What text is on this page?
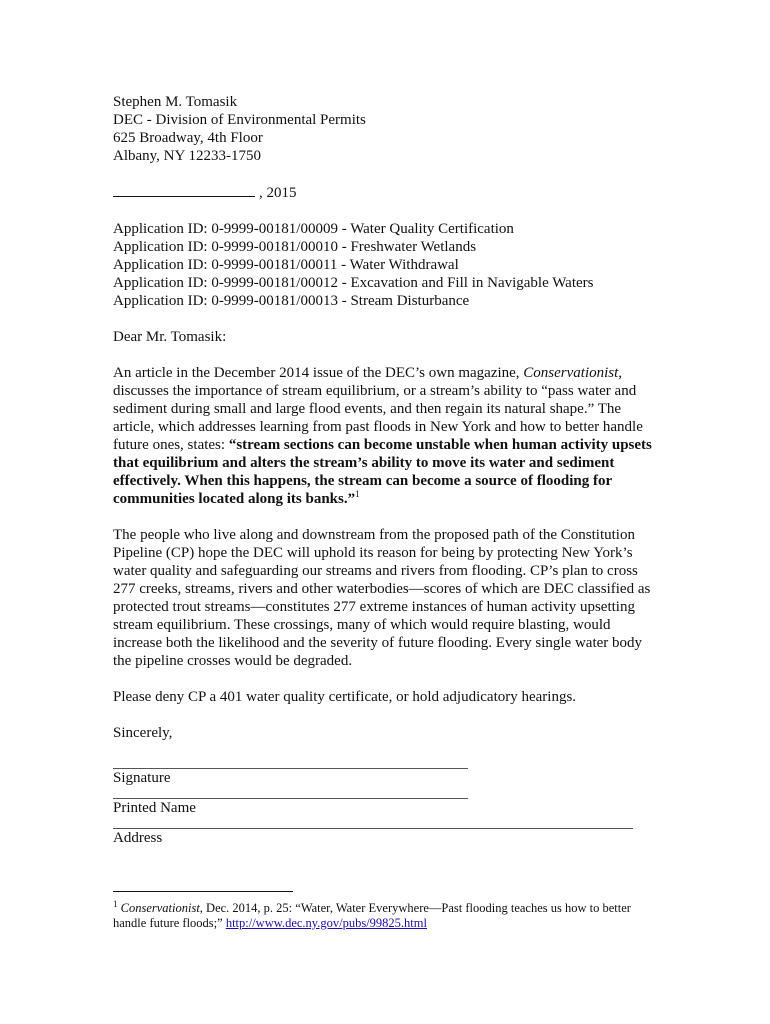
Stephen M. Tomasik
DEC - Division of Environmental Permits
625 Broadway, 4th Floor
Albany, NY 12233-1750
, 2015
Application ID: 0-9999-00181/00009 - Water Quality Certification
Application ID: 0-9999-00181/00010 - Freshwater Wetlands
Application ID: 0-9999-00181/00011 - Water Withdrawal
Application ID: 0-9999-00181/00012 - Excavation and Fill in Navigable Waters
Application ID: 0-9999-00181/00013 - Stream Disturbance

Dear Mr. Tomasik:

An article in the December 2014 issue of the DEC’s own magazine, Conservationist, discusses the importance of stream equilibrium, or a stream’s ability to “pass water and sediment during small and large flood events, and then regain its natural shape.” The article, which addresses learning from past floods in New York and how to better handle future ones, states: “stream sections can become unstable when human activity upsets that equilibrium and alters the stream’s ability to move its water and sediment effectively. When this happens, the stream can become a source of flooding for communities located along its banks.”$^1$

The people who live along and downstream from the proposed path of the Constitution Pipeline (CP) hope the DEC will uphold its reason for being by protecting New York’s water quality and safeguarding our streams and rivers from flooding. CP’s plan to cross 277 creeks, streams, rivers and other waterbodies—scores of which are DEC classified as protected trout streams—constitutes 277 extreme instances of human activity upsetting stream equilibrium. These crossings, many of which would require blasting, would increase both the likelihood and the severity of future flooding. Every single water body the pipeline crosses would be degraded.

Please deny CP a 401 water quality certificate, or hold adjudicatory hearings.

Sincerely,

Signature
Printed Name
Address
$^1$ Conservationist, Dec. 2014, p. 25: “Water, Water Everywhere—Past flooding teaches us how to better handle future floods;” http://www.dec.ny.gov/pubs/99825.html
